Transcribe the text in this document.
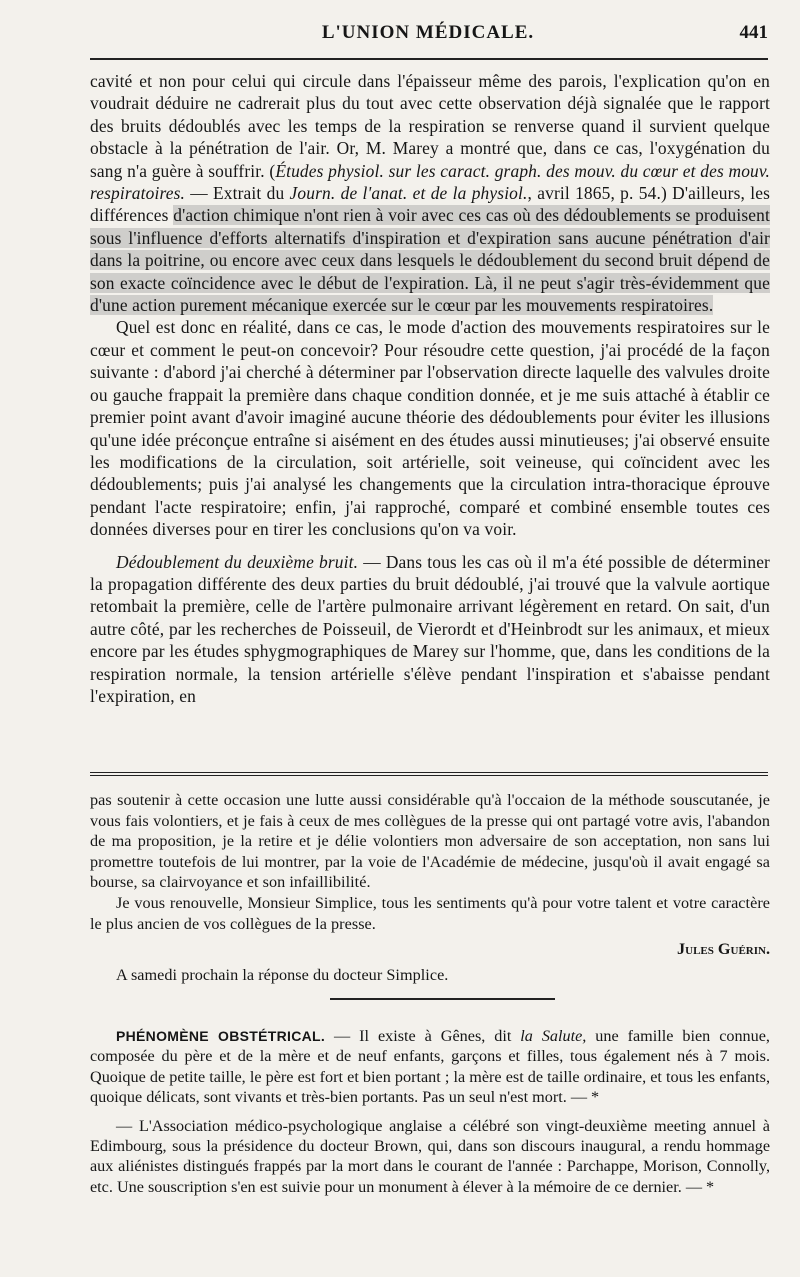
L'UNION MÉDICALE.	441

cavité et non pour celui qui circule dans l'épaisseur même des parois, l'explication qu'on en voudrait déduire ne cadrerait plus du tout avec cette observation déjà signalée que le rapport des bruits dédoublés avec les temps de la respiration se renverse quand il survient quelque obstacle à la pénétration de l'air. Or, M. Marey a montré que, dans ce cas, l'oxygénation du sang n'a guère à souffrir. (Études physiol. sur les caract. graph. des mouv. du cœur et des mouv. respiratoires. — Extrait du Journ. de l'anat. et de la physiol., avril 1865, p. 54.) D'ailleurs, les différences d'action chimique n'ont rien à voir avec ces cas où des dédoublements se produisent sous l'influence d'efforts alternatifs d'inspiration et d'expiration sans aucune pénétration d'air dans la poitrine, ou encore avec ceux dans lesquels le dédoublement du second bruit dépend de son exacte coïncidence avec le début de l'expiration. Là, il ne peut s'agir très-évidemment que d'une action purement mécanique exercée sur le cœur par les mouvements respiratoires.

Quel est donc en réalité, dans ce cas, le mode d'action des mouvements respiratoires sur le cœur et comment le peut-on concevoir? Pour résoudre cette question, j'ai procédé de la façon suivante : d'abord j'ai cherché à déterminer par l'observation directe laquelle des valvules droite ou gauche frappait la première dans chaque condition donnée, et je me suis attaché à établir ce premier point avant d'avoir imaginé aucune théorie des dédoublements pour éviter les illusions qu'une idée préconçue entraîne si aisément en des études aussi minutieuses; j'ai observé ensuite les modifications de la circulation, soit artérielle, soit veineuse, qui coïncident avec les dédoublements; puis j'ai analysé les changements que la circulation intra-thoracique éprouve pendant l'acte respiratoire; enfin, j'ai rapproché, comparé et combiné ensemble toutes ces données diverses pour en tirer les conclusions qu'on va voir.

Dédoublement du deuxième bruit. — Dans tous les cas où il m'a été possible de déterminer la propagation différente des deux parties du bruit dédoublé, j'ai trouvé que la valvule aortique retombait la première, celle de l'artère pulmonaire arrivant légèrement en retard. On sait, d'un autre côté, par les recherches de Poisseuil, de Vierordt et d'Heinbrodt sur les animaux, et mieux encore par les études sphygmographiques de Marey sur l'homme, que, dans les conditions de la respiration normale, la tension artérielle s'élève pendant l'inspiration et s'abaisse pendant l'expiration, en

pas soutenir à cette occasion une lutte aussi considérable qu'à l'occaion de la méthode souscutanée, je vous fais volontiers, et je fais à ceux de mes collègues de la presse qui ont partagé votre avis, l'abandon de ma proposition, je la retire et je délie volontiers mon adversaire de son acceptation, non sans lui promettre toutefois de lui montrer, par la voie de l'Académie de médecine, jusqu'où il avait engagé sa bourse, sa clairvoyance et son infaillibilité.

Je vous renouvelle, Monsieur Simplice, tous les sentiments qu'à pour votre talent et votre caractère le plus ancien de vos collègues de la presse.

Jules Guérin.

A samedi prochain la réponse du docteur Simplice.

PHÉNOMÈNE OBSTÉTRICAL. — Il existe à Gênes, dit la Salute, une famille bien connue, composée du père et de la mère et de neuf enfants, garçons et filles, tous également nés à 7 mois. Quoique de petite taille, le père est fort et bien portant ; la mère est de taille ordinaire, et tous les enfants, quoique délicats, sont vivants et très-bien portants. Pas un seul n'est mort. — *

— L'Association médico-psychologique anglaise a célébré son vingt-deuxième meeting annuel à Edimbourg, sous la présidence du docteur Brown, qui, dans son discours inaugural, a rendu hommage aux aliénistes distingués frappés par la mort dans le courant de l'année : Parchappe, Morison, Connolly, etc. Une souscription s'en est suivie pour un monument à élever à la mémoire de ce dernier. — *
